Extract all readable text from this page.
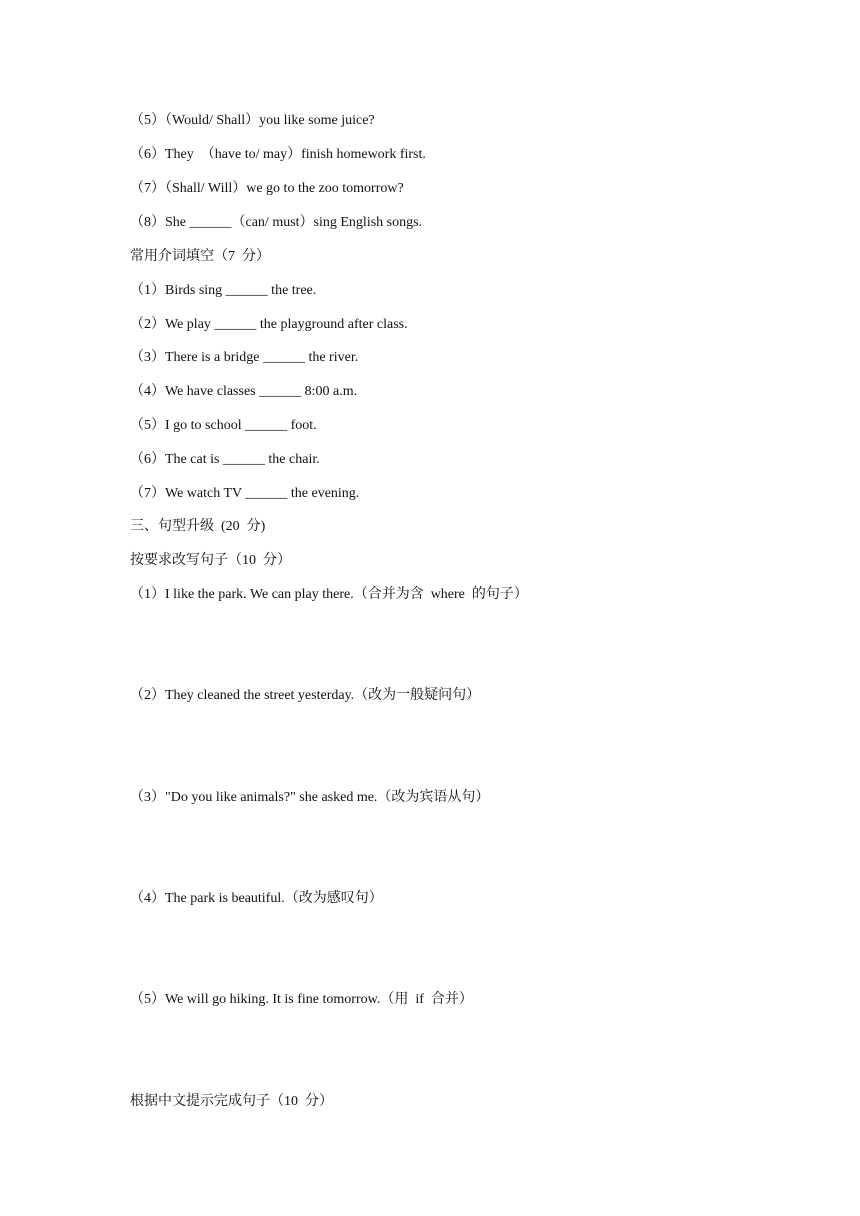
（5）（Would/ Shall）you like some juice?
（6）They  （have to/ may）finish homework first.
（7）（Shall/ Will）we go to the zoo tomorrow?
（8）She ______（can/ must）sing English songs.
常用介词填空（7  分）
（1）Birds sing ______ the tree.
（2）We play ______ the playground after class.
（3）There is a bridge ______ the river.
（4）We have classes ______ 8:00 a.m.
（5）I go to school ______ foot.
（6）The cat is ______ the chair.
（7）We watch TV ______ the evening.
三、句型升级  (20  分)
按要求改写句子（10  分）
（1）I like the park. We can play there.（合并为含  where  的句子）
（2）They cleaned the street yesterday.（改为一般疑问句）
（3）"Do you like animals?" she asked me.（改为宾语从句）
（4）The park is beautiful.（改为感叹句）
（5）We will go hiking. It is fine tomorrow.（用  if  合并）
根据中文提示完成句子（10  分）
